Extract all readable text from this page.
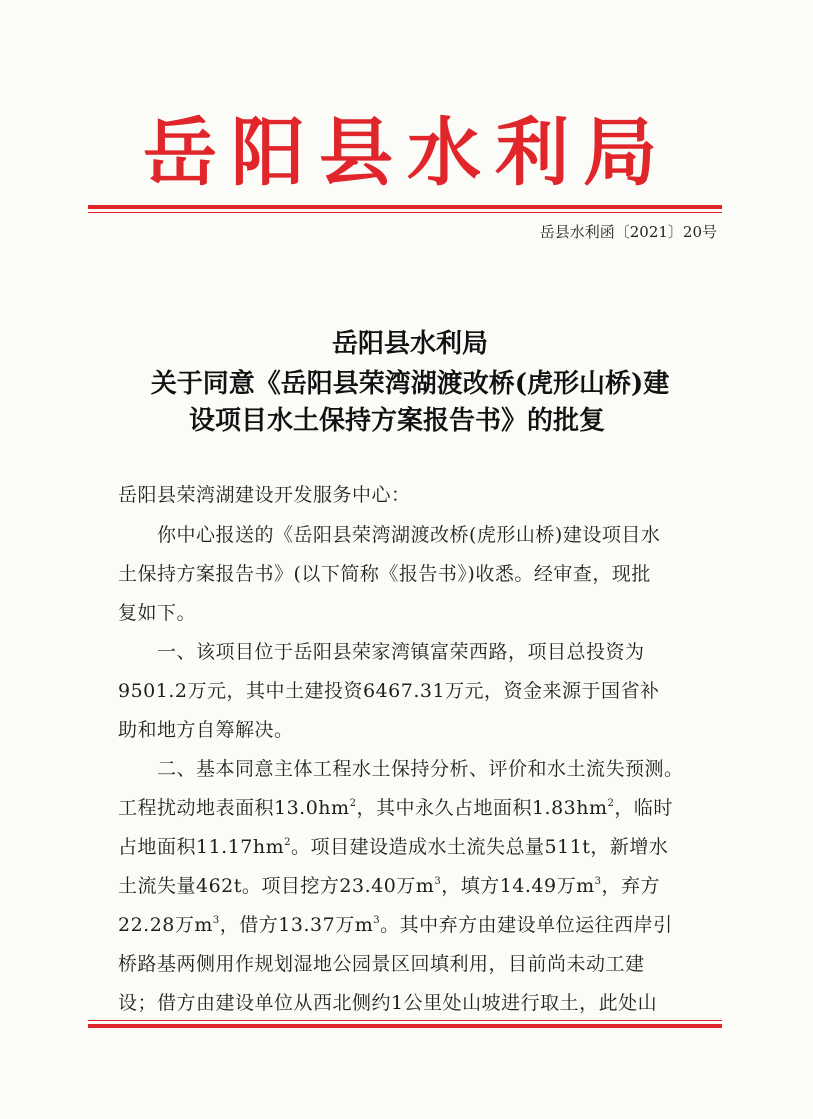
岳阳县水利局
岳县水利函〔2021〕20号
岳阳县水利局
关于同意《岳阳县荣湾湖渡改桥(虎形山桥)建
设项目水土保持方案报告书》的批复
岳阳县荣湾湖建设开发服务中心：
你中心报送的《岳阳县荣湾湖渡改桥(虎形山桥)建设项目水
土保持方案报告书》(以下简称《报告书》)收悉。经审查，现批
复如下。
一、该项目位于岳阳县荣家湾镇富荣西路，项目总投资为
9501.2万元，其中土建投资6467.31万元，资金来源于国省补
助和地方自筹解决。
二、基本同意主体工程水土保持分析、评价和水土流失预测。
工程扰动地表面积$13.0hm^2$，其中永久占地面积$1.83hm^2$，临时
占地面积$11.17hm^2$。项目建设造成水土流失总量511t，新增水
土流失量462t。项目挖方23.40万$m^3$，填方14.49万$m^3$，弃方
22.28万$m^3$，借方13.37万$m^3$。其中弃方由建设单位运往西岸引
桥路基两侧用作规划湿地公园景区回填利用，目前尚未动工建
设；借方由建设单位从西北侧约1公里处山坡进行取土，此处山
